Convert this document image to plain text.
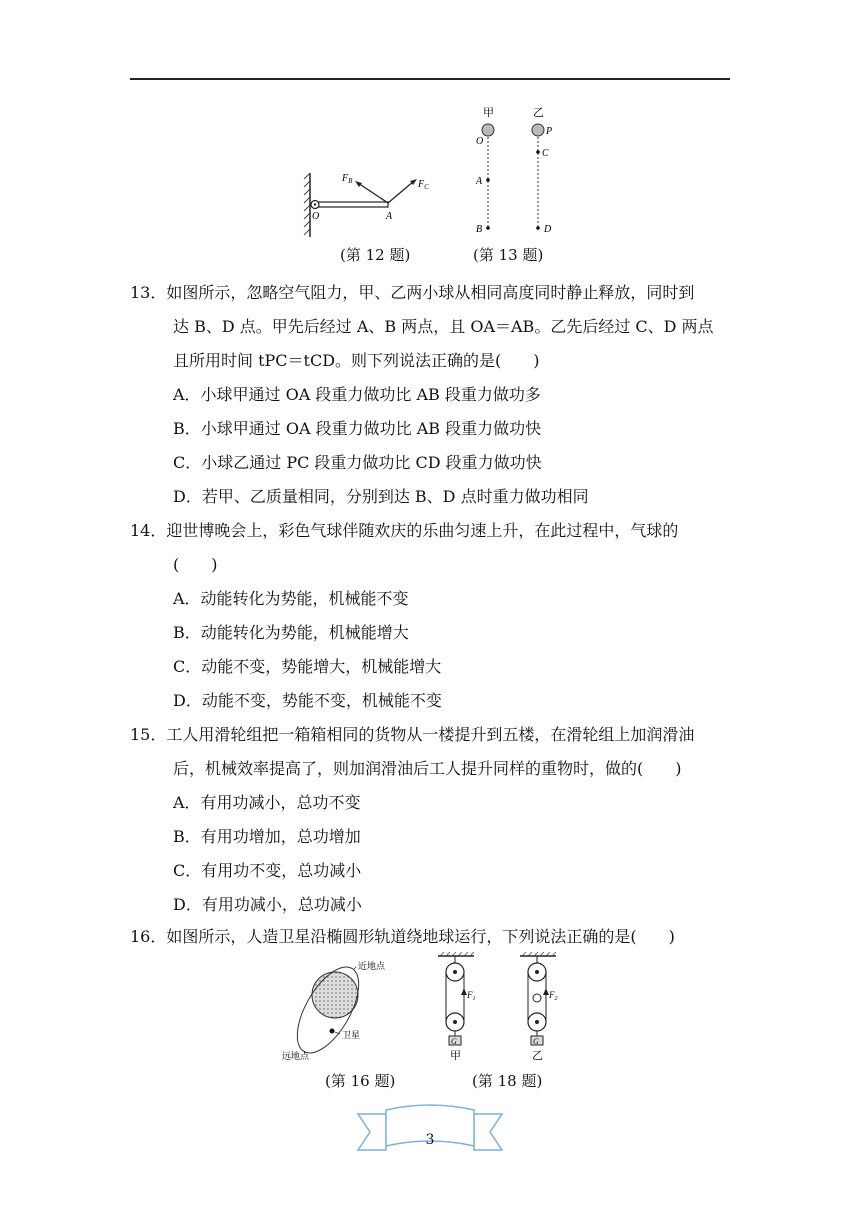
$F_B$	$F_C$
O	A
(第 12 题)
甲	乙
O
A
B
P
C
D
(第 13 题)

13．如图所示，忽略空气阻力，甲、乙两小球从相同高度同时静止释放，同时到

达 B、D 点。甲先后经过 A、B 两点，且 OA＝AB。乙先后经过 C、D 两点

且所用时间 tPC＝tCD。则下列说法正确的是(　　)

A．小球甲通过 OA 段重力做功比 AB 段重力做功多

B．小球甲通过 OA 段重力做功比 AB 段重力做功快

C．小球乙通过 PC 段重力做功比 CD 段重力做功快

D．若甲、乙质量相同，分别到达 B、D 点时重力做功相同

14．迎世博晚会上，彩色气球伴随欢庆的乐曲匀速上升，在此过程中，气球的

(　　)

A．动能转化为势能，机械能不变

B．动能转化为势能，机械能增大

C．动能不变，势能增大，机械能增大

D．动能不变，势能不变，机械能不变

15．工人用滑轮组把一箱箱相同的货物从一楼提升到五楼，在滑轮组上加润滑油

后，机械效率提高了，则加润滑油后工人提升同样的重物时，做的(　　)

A．有用功减小，总功不变

B．有用功增加，总功增加

C．有用功不变，总功减小

D．有用功减小，总功减小

16．如图所示，人造卫星沿椭圆形轨道绕地球运行，下列说法正确的是(　　)

近地点
卫星
远地点
(第 16 题)
G
$F_1$
甲
G
$F_2$
乙
(第 18 题)
3
